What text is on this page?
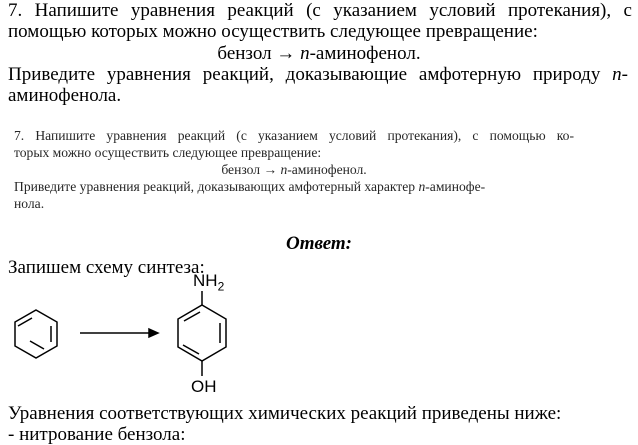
7. Напишите уравнения реакций (с указанием условий протекания), с помощью которых можно осуществить следующее превращение:
бензол → п-аминофенол.
Приведите уравнения реакций, доказывающие амфотерную природу п-аминофенола.
7. Напишите уравнения реакций (с указанием условий протекания), с помощью ко-
торых можно осуществить следующее превращение:
бензол → п-аминофенол.
Приведите уравнения реакций, доказывающих амфотерный характер п-аминофе-
нола.
Ответ:
Запишем схему синтеза:
$NH_2$
OH
Уравнения соответствующих химических реакций приведены ниже:
- нитрование бензола:
